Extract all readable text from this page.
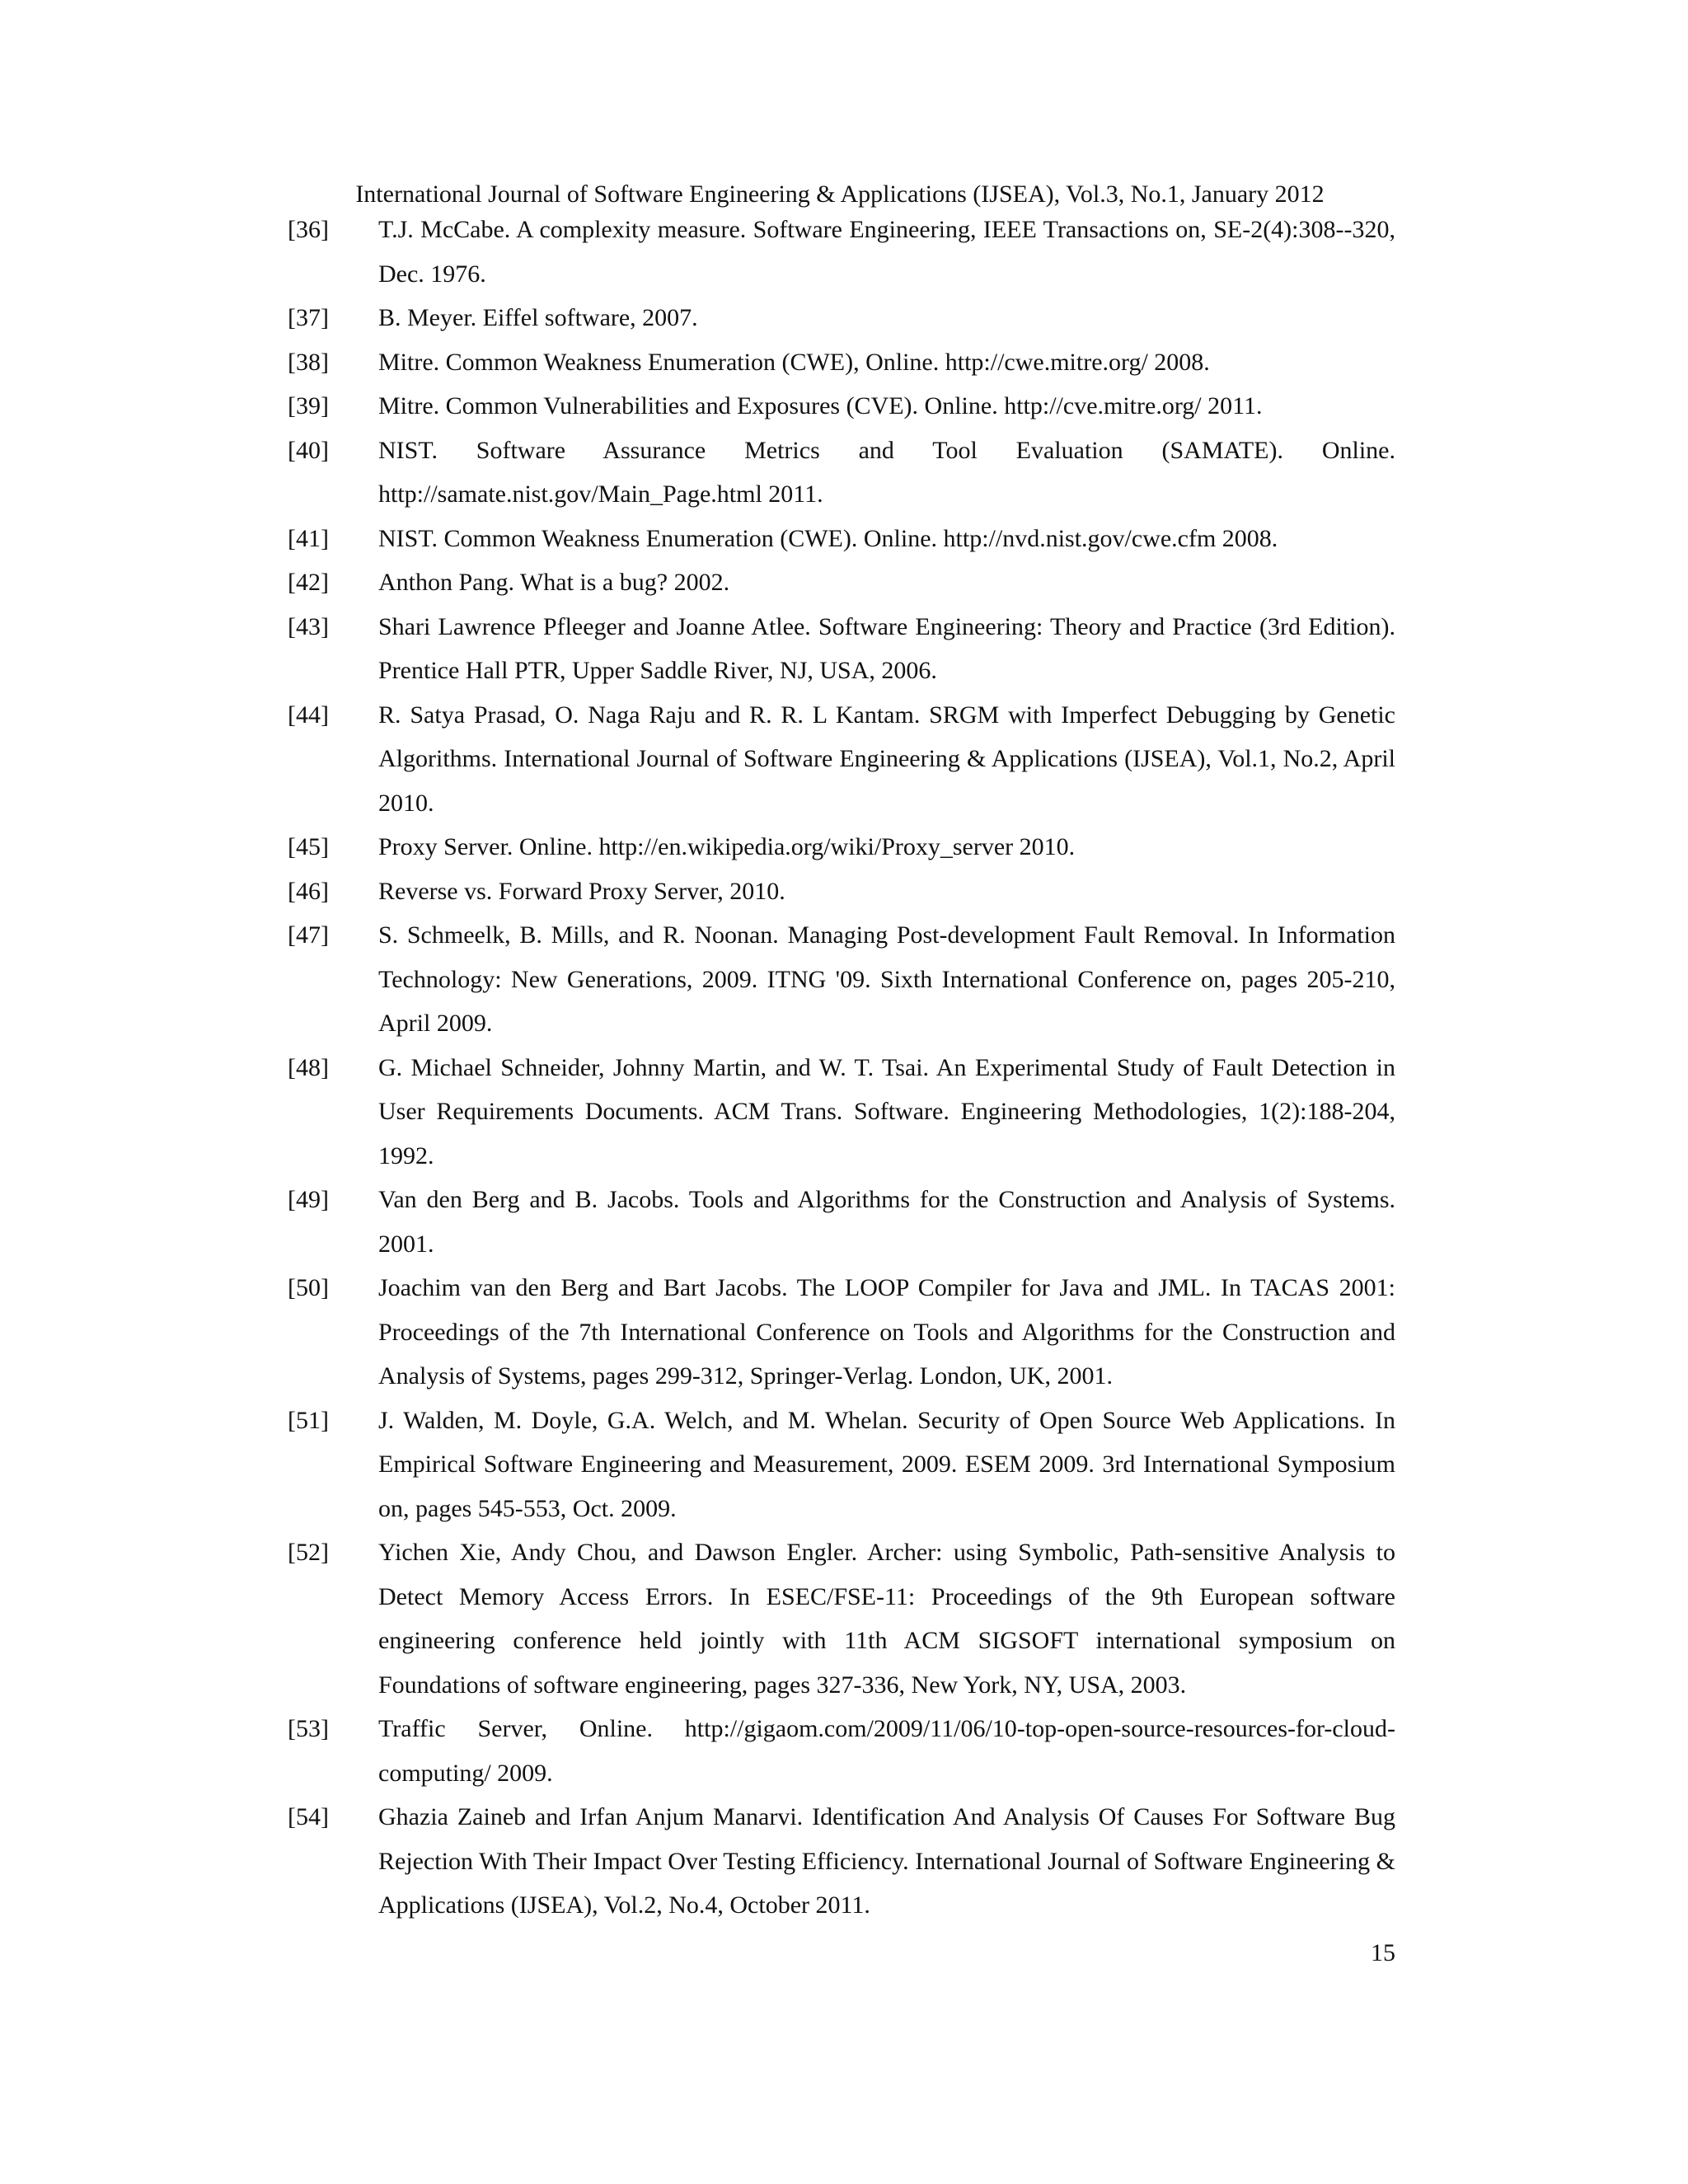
International Journal of Software Engineering & Applications (IJSEA), Vol.3, No.1, January 2012
[36]	T.J. McCabe. A complexity measure. Software Engineering, IEEE Transactions on, SE-2(4):308--320, Dec. 1976.
[37]	B. Meyer. Eiffel software, 2007.
[38]	Mitre. Common Weakness Enumeration (CWE), Online. http://cwe.mitre.org/ 2008.
[39]	Mitre. Common Vulnerabilities and Exposures (CVE). Online. http://cve.mitre.org/ 2011.
[40]	NIST. Software Assurance Metrics and Tool Evaluation (SAMATE). Online. http://samate.nist.gov/Main_Page.html 2011.
[41]	NIST. Common Weakness Enumeration (CWE). Online. http://nvd.nist.gov/cwe.cfm 2008.
[42]	Anthon Pang. What is a bug? 2002.
[43]	Shari Lawrence Pfleeger and Joanne Atlee. Software Engineering: Theory and Practice (3rd Edition). Prentice Hall PTR, Upper Saddle River, NJ, USA, 2006.
[44]	R. Satya Prasad, O. Naga Raju and R. R. L Kantam. SRGM with Imperfect Debugging by Genetic Algorithms. International Journal of Software Engineering & Applications (IJSEA), Vol.1, No.2, April 2010.
[45]	Proxy Server. Online. http://en.wikipedia.org/wiki/Proxy_server 2010.
[46]	Reverse vs. Forward Proxy Server, 2010.
[47]	S. Schmeelk, B. Mills, and R. Noonan. Managing Post-development Fault Removal. In Information Technology: New Generations, 2009. ITNG '09. Sixth International Conference on, pages 205-210, April 2009.
[48]	G. Michael Schneider, Johnny Martin, and W. T. Tsai. An Experimental Study of Fault Detection in User Requirements Documents. ACM Trans. Software. Engineering Methodologies, 1(2):188-204, 1992.
[49]	Van den Berg and B. Jacobs. Tools and Algorithms for the Construction and Analysis of Systems. 2001.
[50]	Joachim van den Berg and Bart Jacobs. The LOOP Compiler for Java and JML. In TACAS 2001: Proceedings of the 7th International Conference on Tools and Algorithms for the Construction and Analysis of Systems, pages 299-312, Springer-Verlag. London, UK, 2001.
[51]	J. Walden, M. Doyle, G.A. Welch, and M. Whelan. Security of Open Source Web Applications. In Empirical Software Engineering and Measurement, 2009. ESEM 2009. 3rd International Symposium on, pages 545-553, Oct. 2009.
[52]	Yichen Xie, Andy Chou, and Dawson Engler. Archer: using Symbolic, Path-sensitive Analysis to Detect Memory Access Errors. In ESEC/FSE-11: Proceedings of the 9th European software engineering conference held jointly with 11th ACM SIGSOFT international symposium on Foundations of software engineering, pages 327-336, New York, NY, USA, 2003.
[53]	Traffic Server, Online. http://gigaom.com/2009/11/06/10-top-open-source-resources-for-cloud-computing/ 2009.
[54]	Ghazia Zaineb and Irfan Anjum Manarvi. Identification And Analysis Of Causes For Software Bug Rejection With Their Impact Over Testing Efficiency. International Journal of Software Engineering & Applications (IJSEA), Vol.2, No.4, October 2011.
15
